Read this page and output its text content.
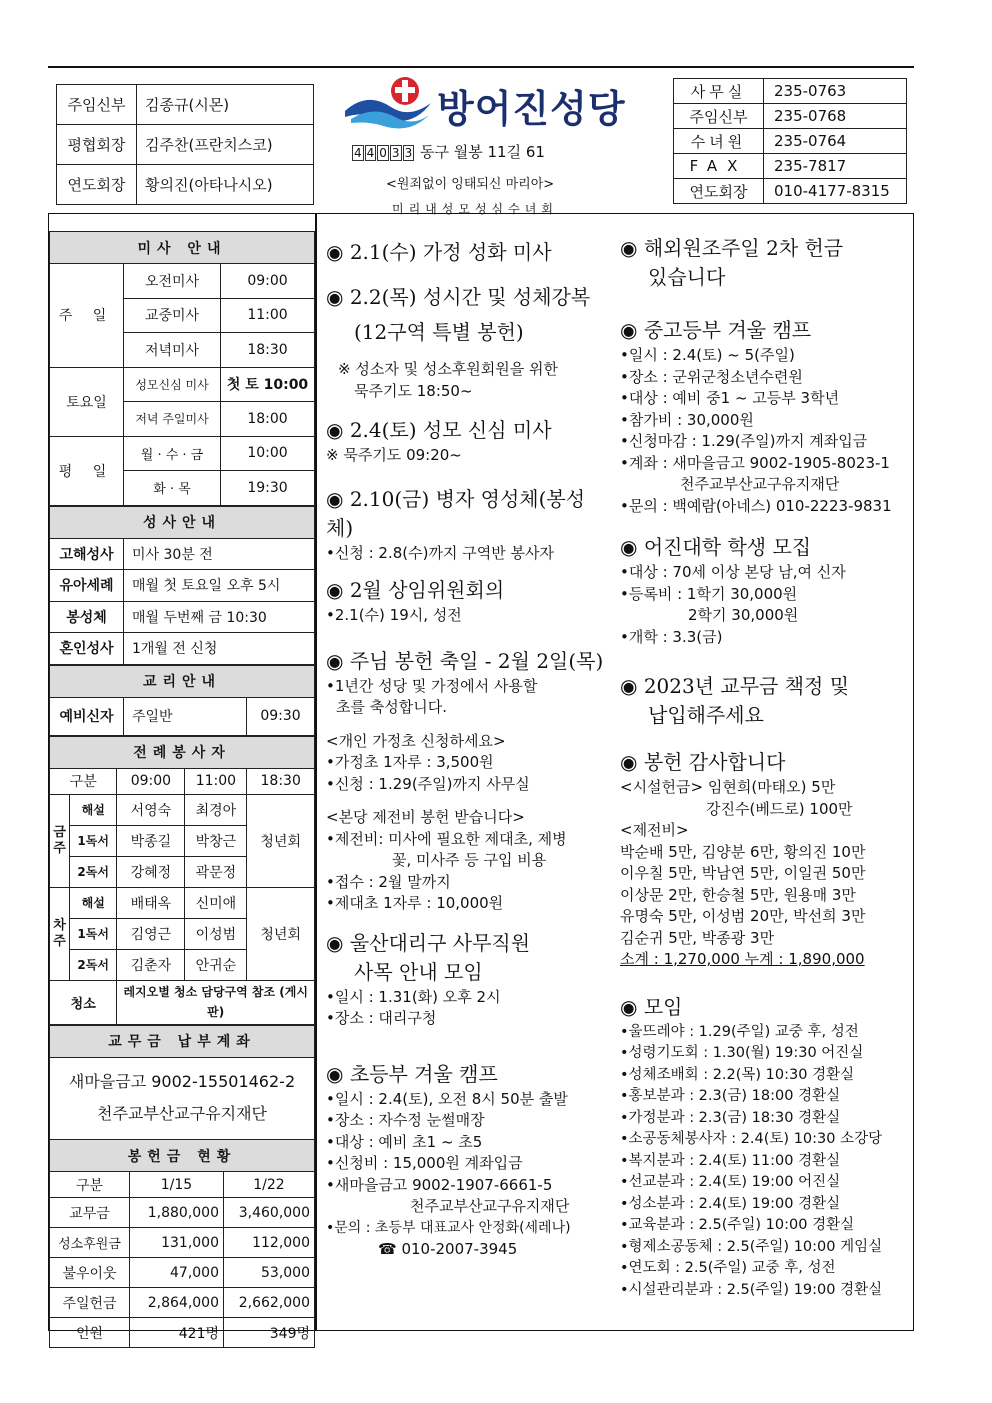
주임신부	김종규(시몬)
평협회장	김주찬(프란치스코)
연도회장	황의진(아타나시오)
방어진성당
4 4 0 3 3 동구 월봉 11길 61
<원죄없이 잉태되신 마리아>
미리내성모성심수녀회
사무실	235-0763
주임신부	235-0768
수녀원	235-0764
FAX	235-7817
연도회장	010-4177-8315
미사 안내		
주 일	오전미사	09:00
	교중미사	11:00
	저녁미사	18:30
토요일	성모신심 미사	첫 토 10:00
	저녁 주일미사	18:00
평 일	월 · 수 · 금	10:00
	화 · 목	19:30
성사안내	
고해성사	미사 30분 전
유아세례	매월 첫 토요일 오후 5시
봉성체	매월 두번째 금 10:30
혼인성사	1개월 전 신청
교리안내
예비신자	주일반	09:30
전례봉사자				
구분		09:00	11:00	18:30
금주	해설	서영숙	최경아	청년회
	1독서	박종길	박창근	
	2독서	강혜정	곽문정	
차주	해설	배태옥	신미애	청년회
	1독서	김영근	이성범	
	2독서	김춘자	안귀순	
청소		레지오별 청소 담당구역 참조 (게시판)		
교무금 납부계좌

새마을금고 9002-15501462-2
천주교부산교구유지재단
봉헌금 현황		
구분	1/15	1/22
교무금	1,880,000	3,460,000
성소후원금	131,000	112,000
불우이웃	47,000	53,000
주일헌금	2,864,000	2,662,000
인원	421명	349명
◉ 2.1(수) 가정 성화 미사
◉ 2.2(목) 성시간 및 성체강복
(12구역 특별 봉헌)
※ 성소자 및 성소후원회원을 위한
묵주기도 18:50~
◉ 2.4(토) 성모 신심 미사
※ 묵주기도 09:20~
◉ 2.10(금) 병자 영성체(봉성체)
•신청 : 2.8(수)까지 구역반 봉사자
◉ 2월 상임위원회의
•2.1(수) 19시, 성전
◉ 주님 봉헌 축일 - 2월 2일(목)
•1년간 성당 및 가정에서 사용할
초를 축성합니다.
<개인 가정초 신청하세요>
•가정초 1자루 : 3,500원
•신청 : 1.29(주일)까지 사무실
<본당 제전비 봉헌 받습니다>
•제전비: 미사에 필요한 제대초, 제병
꽃, 미사주 등 구입 비용
•접수 : 2월 말까지
•제대초 1자루 : 10,000원
◉ 울산대리구 사무직원
사목 안내 모임
•일시 : 1.31(화) 오후 2시
•장소 : 대리구청
◉ 초등부 겨울 캠프
•일시 : 2.4(토), 오전 8시 50분 출발
•장소 : 자수정 눈썰매장
•대상 : 예비 초1 ~ 초5
•신청비 : 15,000원 계좌입금
•새마을금고 9002-1907-6661-5
천주교부산교구유지재단
•문의 : 초등부 대표교사 안정화(세레나)
☎ 010-2007-3945
◉ 해외원조주일 2차 헌금
있습니다
◉ 중고등부 겨울 캠프
•일시 : 2.4(토) ~ 5(주일)
•장소 : 군위군청소년수련원
•대상 : 예비 중1 ~ 고등부 3학년
•참가비 : 30,000원
•신청마감 : 1.29(주일)까지 계좌입금
•계좌 : 새마을금고 9002-1905-8023-1
천주교부산교구유지재단
•문의 : 백예람(아네스) 010-2223-9831
◉ 어진대학 학생 모집
•대상 : 70세 이상 본당 남,여 신자
•등록비 : 1학기 30,000원
2학기 30,000원
•개학 : 3.3(금)
◉ 2023년 교무금 책정 및
납입해주세요
◉ 봉헌 감사합니다
<시설헌금> 임현희(마태오) 5만
강진수(베드로) 100만
<제전비>
박순배 5만, 김양분 6만, 황의진 10만
이우칠 5만, 박남연 5만, 이일권 50만
이상문 2만, 한승철 5만, 원용매 3만
유명숙 5만, 이성범 20만, 박선희 3만
김순귀 5만, 박종광 3만
소계 : 1,270,000 누계 : 1,890,000
◉ 모임
•울뜨레야 : 1.29(주일) 교중 후, 성전
•성령기도회 : 1.30(월) 19:30 어진실
•성체조배회 : 2.2(목) 10:30 경환실
•홍보분과 : 2.3(금) 18:00 경환실
•가정분과 : 2.3(금) 18:30 경환실
•소공동체봉사자 : 2.4(토) 10:30 소강당
•복지분과 : 2.4(토) 11:00 경환실
•선교분과 : 2.4(토) 19:00 어진실
•성소분과 : 2.4(토) 19:00 경환실
•교육분과 : 2.5(주일) 10:00 경환실
•형제소공동체 : 2.5(주일) 10:00 게임실
•연도회 : 2.5(주일) 교중 후, 성전
•시설관리분과 : 2.5(주일) 19:00 경환실
